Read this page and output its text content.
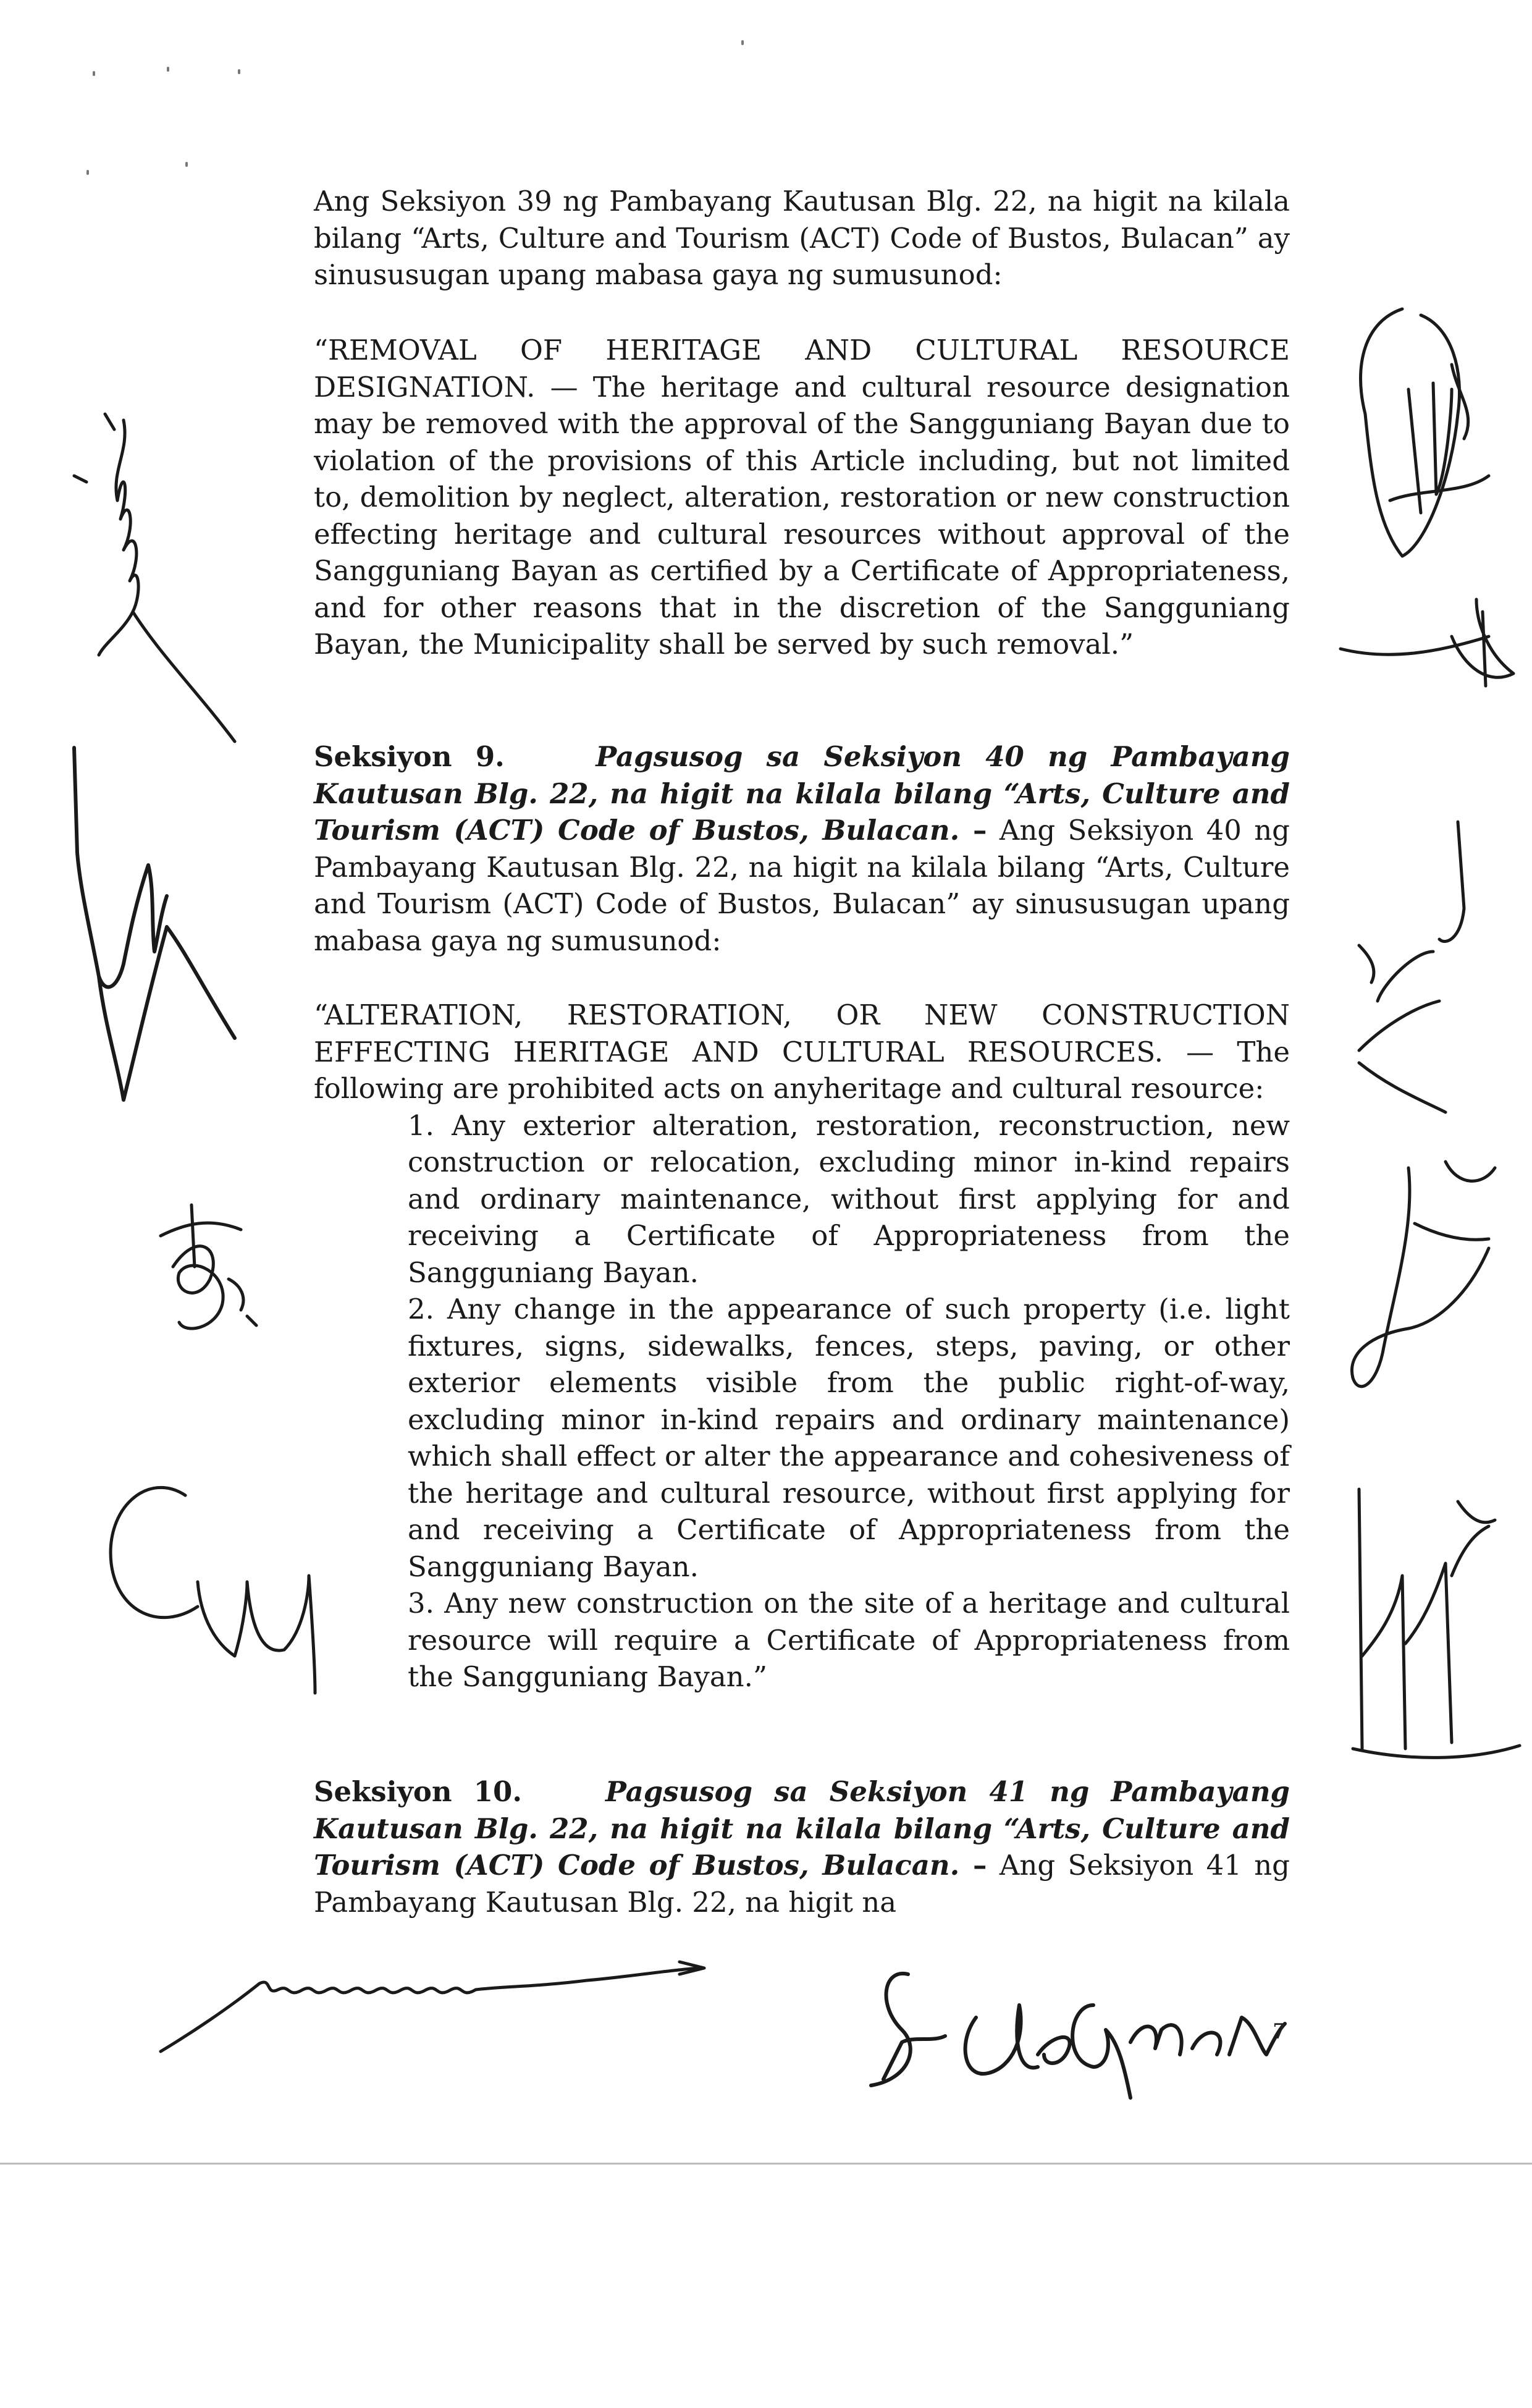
Ang Seksiyon 39 ng Pambayang Kautusan Blg. 22, na higit na kilala bilang “Arts, Culture and Tourism (ACT) Code of Bustos, Bulacan” ay sinususugan upang mabasa gaya ng sumusunod:

“REMOVAL OF HERITAGE AND CULTURAL RESOURCE DESIGNATION. — The heritage and cultural resource designation may be removed with the approval of the Sangguniang Bayan due to violation of the provisions of this Article including, but not limited to, demolition by neglect, alteration, restoration or new construction effecting heritage and cultural resources without approval of the Sangguniang Bayan as certified by a Certificate of Appropriateness, and for other reasons that in the discretion of the Sangguniang Bayan, the Municipality shall be served by such removal.”

Seksiyon 9.	Pagsusog sa Seksiyon 40 ng Pambayang Kautusan Blg. 22, na higit na kilala bilang “Arts, Culture and Tourism (ACT) Code of Bustos, Bulacan. – Ang Seksiyon 40 ng Pambayang Kautusan Blg. 22, na higit na kilala bilang “Arts, Culture and Tourism (ACT) Code of Bustos, Bulacan” ay sinususugan upang mabasa gaya ng sumusunod:

“ALTERATION, RESTORATION, OR NEW CONSTRUCTION EFFECTING HERITAGE AND CULTURAL RESOURCES. — The following are prohibited acts on anyheritage and cultural resource:

1. Any exterior alteration, restoration, reconstruction, new construction or relocation, excluding minor in-kind repairs and ordinary maintenance, without first applying for and receiving a Certificate of Appropriateness from the Sangguniang Bayan.

2. Any change in the appearance of such property (i.e. light fixtures, signs, sidewalks, fences, steps, paving, or other exterior elements visible from the public right-of-way, excluding minor in-kind repairs and ordinary maintenance) which shall effect or alter the appearance and cohesiveness of the heritage and cultural resource, without first applying for and receiving a Certificate of Appropriateness from the Sangguniang Bayan.

3. Any new construction on the site of a heritage and cultural resource will require a Certificate of Appropriateness from the Sangguniang Bayan.”

Seksiyon 10.	Pagsusog sa Seksiyon 41 ng Pambayang Kautusan Blg. 22, na higit na kilala bilang “Arts, Culture and Tourism (ACT) Code of Bustos, Bulacan. – Ang Seksiyon 41 ng Pambayang Kautusan Blg. 22, na higit na

7
